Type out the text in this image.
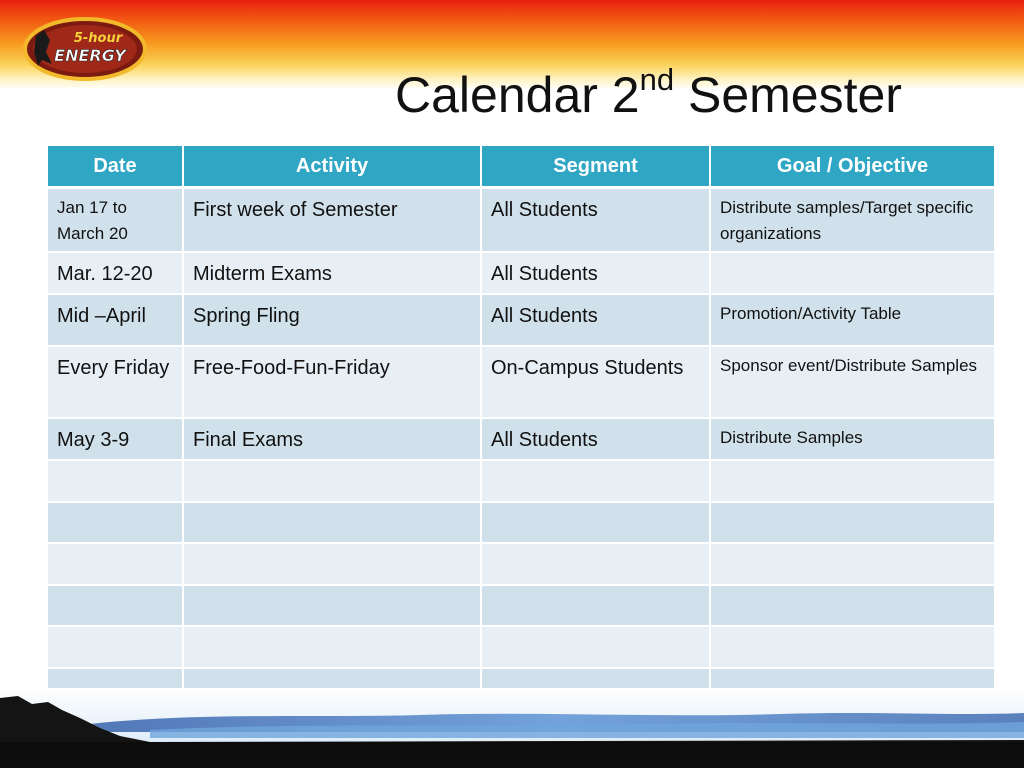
5-hour
ENERGY
Calendar 2nd Semester
Date	Activity	Segment	Goal / Objective
Jan 17 to March 20	First week of Semester	All Students	Distribute samples/Target specific organizations
Mar. 12-20	Midterm Exams	All Students	
Mid –April	Spring Fling	All Students	Promotion/Activity Table
Every Friday	Free-Food-Fun-Friday	On-Campus Students	Sponsor event/Distribute Samples
May 3-9	Final Exams	All Students	Distribute Samples
